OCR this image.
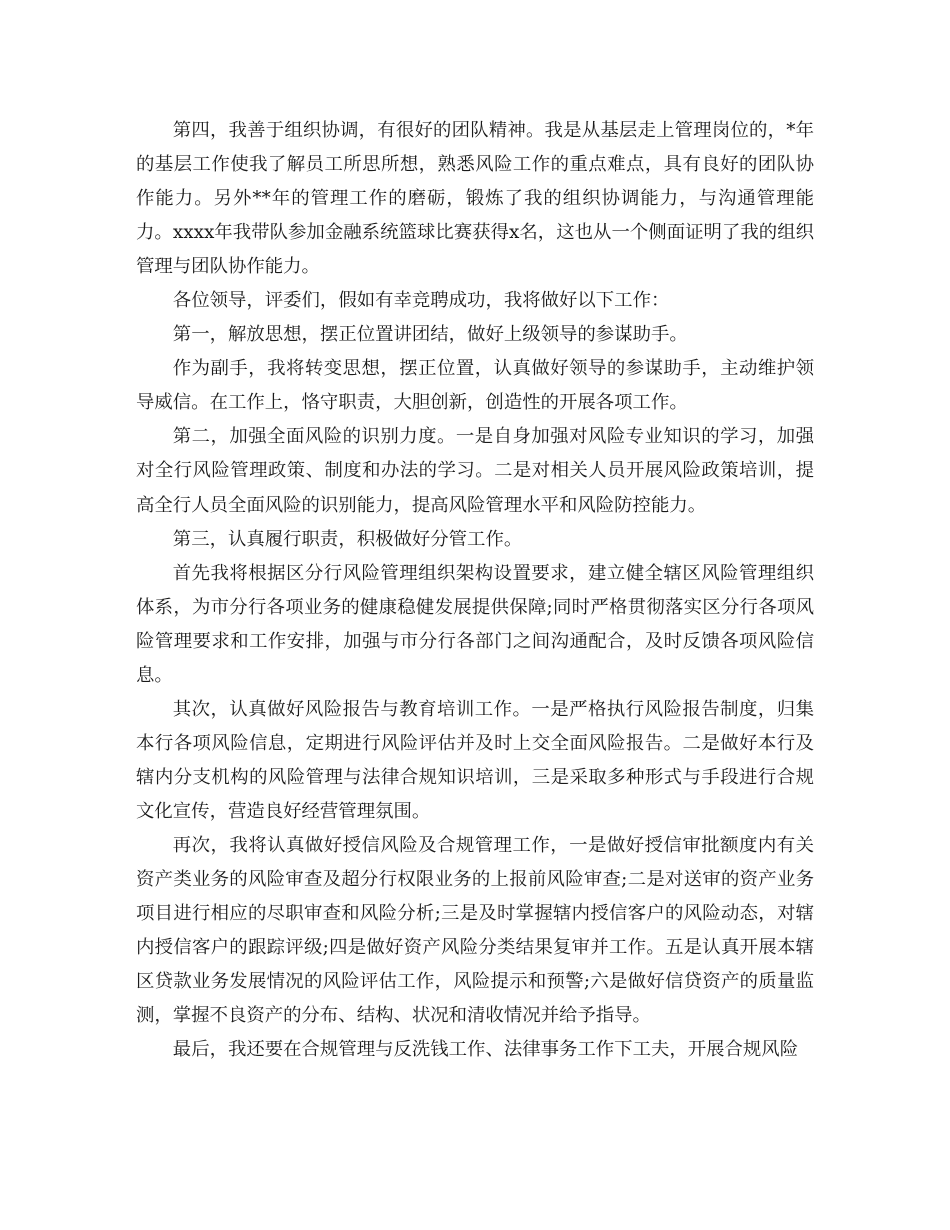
第四，我善于组织协调，有很好的团队精神。我是从基层走上管理岗位的，*年的基层工作使我了解员工所思所想，熟悉风险工作的重点难点，具有良好的团队协作能力。另外**年的管理工作的磨砺，锻炼了我的组织协调能力，与沟通管理能力。xxxx年我带队参加金融系统篮球比赛获得x名，这也从一个侧面证明了我的组织管理与团队协作能力。

各位领导，评委们，假如有幸竞聘成功，我将做好以下工作：

第一，解放思想，摆正位置讲团结，做好上级领导的参谋助手。

作为副手，我将转变思想，摆正位置，认真做好领导的参谋助手，主动维护领导威信。在工作上，恪守职责，大胆创新，创造性的开展各项工作。

第二，加强全面风险的识别力度。一是自身加强对风险专业知识的学习，加强对全行风险管理政策、制度和办法的学习。二是对相关人员开展风险政策培训，提高全行人员全面风险的识别能力，提高风险管理水平和风险防控能力。

第三，认真履行职责，积极做好分管工作。

首先我将根据区分行风险管理组织架构设置要求，建立健全辖区风险管理组织体系，为市分行各项业务的健康稳健发展提供保障;同时严格贯彻落实区分行各项风险管理要求和工作安排，加强与市分行各部门之间沟通配合，及时反馈各项风险信息。

其次，认真做好风险报告与教育培训工作。一是严格执行风险报告制度，归集本行各项风险信息，定期进行风险评估并及时上交全面风险报告。二是做好本行及辖内分支机构的风险管理与法律合规知识培训，三是采取多种形式与手段进行合规文化宣传，营造良好经营管理氛围。

再次，我将认真做好授信风险及合规管理工作，一是做好授信审批额度内有关资产类业务的风险审查及超分行权限业务的上报前风险审查;二是对送审的资产业务项目进行相应的尽职审查和风险分析;三是及时掌握辖内授信客户的风险动态，对辖内授信客户的跟踪评级;四是做好资产风险分类结果复审并工作。五是认真开展本辖区贷款业务发展情况的风险评估工作，风险提示和预警;六是做好信贷资产的质量监测，掌握不良资产的分布、结构、状况和清收情况并给予指导。

最后，我还要在合规管理与反洗钱工作、法律事务工作下工夫，开展合规风险
